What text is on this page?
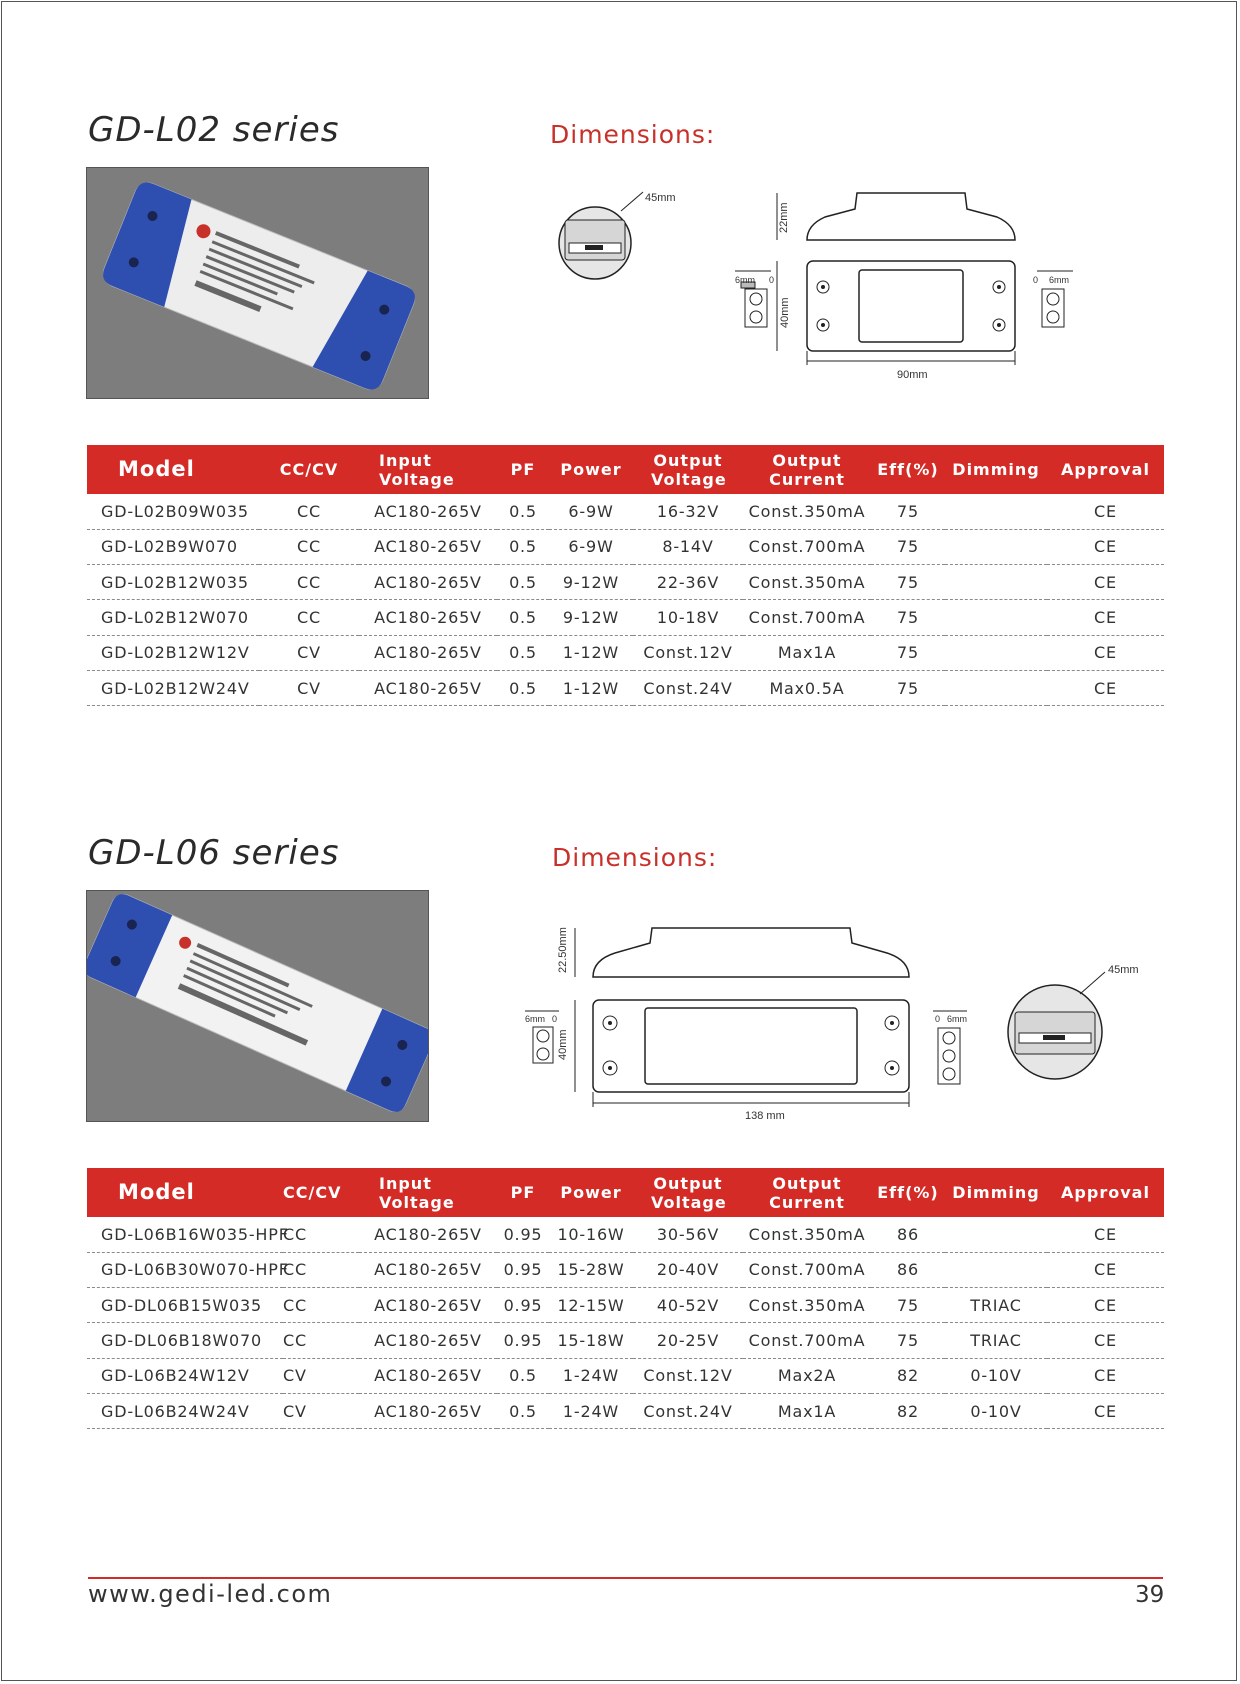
GD-L02 series	Dimensions:
45mm
22mm
40mm
90mm
6mm 0	0 6mm
Model	CC/CV	Input Voltage	PF	Power	Output Voltage	Output Current	Eff(%)	Dimming	Approval
GD-L02B09W035	CC	AC180-265V	0.5	6-9W	16-32V	Const.350mA	75		CE
GD-L02B9W070	CC	AC180-265V	0.5	6-9W	8-14V	Const.700mA	75		CE
GD-L02B12W035	CC	AC180-265V	0.5	9-12W	22-36V	Const.350mA	75		CE
GD-L02B12W070	CC	AC180-265V	0.5	9-12W	10-18V	Const.700mA	75		CE
GD-L02B12W12V	CV	AC180-265V	0.5	1-12W	Const.12V	Max1A	75		CE
GD-L02B12W24V	CV	AC180-265V	0.5	1-12W	Const.24V	Max0.5A	75		CE
GD-L06 series	Dimensions:
22.50mm
40mm
138 mm
6mm 0	0 6mm
45mm
Model	CC/CV	Input Voltage	PF	Power	Output Voltage	Output Current	Eff(%)	Dimming	Approval
GD-L06B16W035-HPF	CC	AC180-265V	0.95	10-16W	30-56V	Const.350mA	86		CE
GD-L06B30W070-HPF	CC	AC180-265V	0.95	15-28W	20-40V	Const.700mA	86		CE
GD-DL06B15W035	CC	AC180-265V	0.95	12-15W	40-52V	Const.350mA	75	TRIAC	CE
GD-DL06B18W070	CC	AC180-265V	0.95	15-18W	20-25V	Const.700mA	75	TRIAC	CE
GD-L06B24W12V	CV	AC180-265V	0.5	1-24W	Const.12V	Max2A	82	0-10V	CE
GD-L06B24W24V	CV	AC180-265V	0.5	1-24W	Const.24V	Max1A	82	0-10V	CE
www.gedi-led.com	39
